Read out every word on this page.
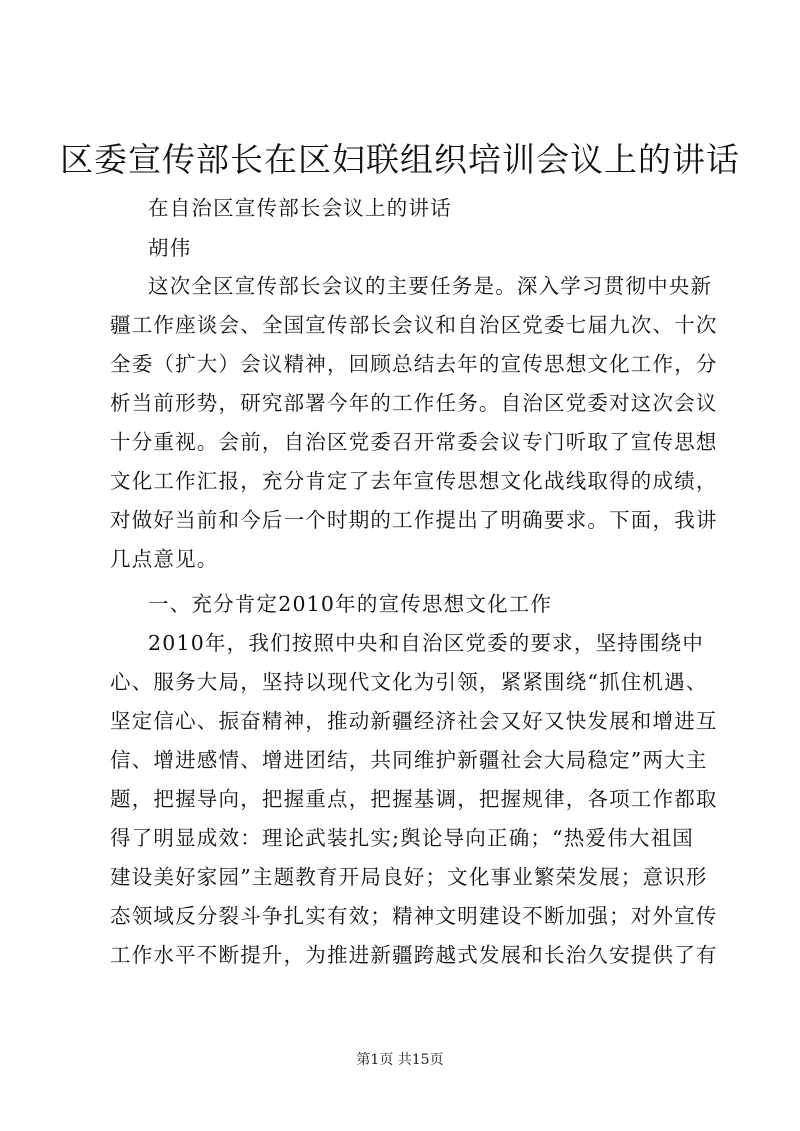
区委宣传部长在区妇联组织培训会议上的讲话

在自治区宣传部长会议上的讲话

胡伟

这次全区宣传部长会议的主要任务是。深入学习贯彻中央新

疆工作座谈会、全国宣传部长会议和自治区党委七届九次、十次

全委（扩大）会议精神，回顾总结去年的宣传思想文化工作，分

析当前形势，研究部署今年的工作任务。自治区党委对这次会议

十分重视。会前，自治区党委召开常委会议专门听取了宣传思想

文化工作汇报，充分肯定了去年宣传思想文化战线取得的成绩，

对做好当前和今后一个时期的工作提出了明确要求。下面，我讲

几点意见。

一、充分肯定2010年的宣传思想文化工作

2010年，我们按照中央和自治区党委的要求，坚持围绕中

心、服务大局，坚持以现代文化为引领，紧紧围绕“抓住机遇、

坚定信心、振奋精神，推动新疆经济社会又好又快发展和增进互

信、增进感情、增进团结，共同维护新疆社会大局稳定”两大主

题，把握导向，把握重点，把握基调，把握规律，各项工作都取

得了明显成效：理论武装扎实;舆论导向正确；“热爱伟大祖国

建设美好家园”主题教育开局良好；文化事业繁荣发展；意识形

态领域反分裂斗争扎实有效；精神文明建设不断加强；对外宣传

工作水平不断提升，为推进新疆跨越式发展和长治久安提供了有

第1页 共15页
